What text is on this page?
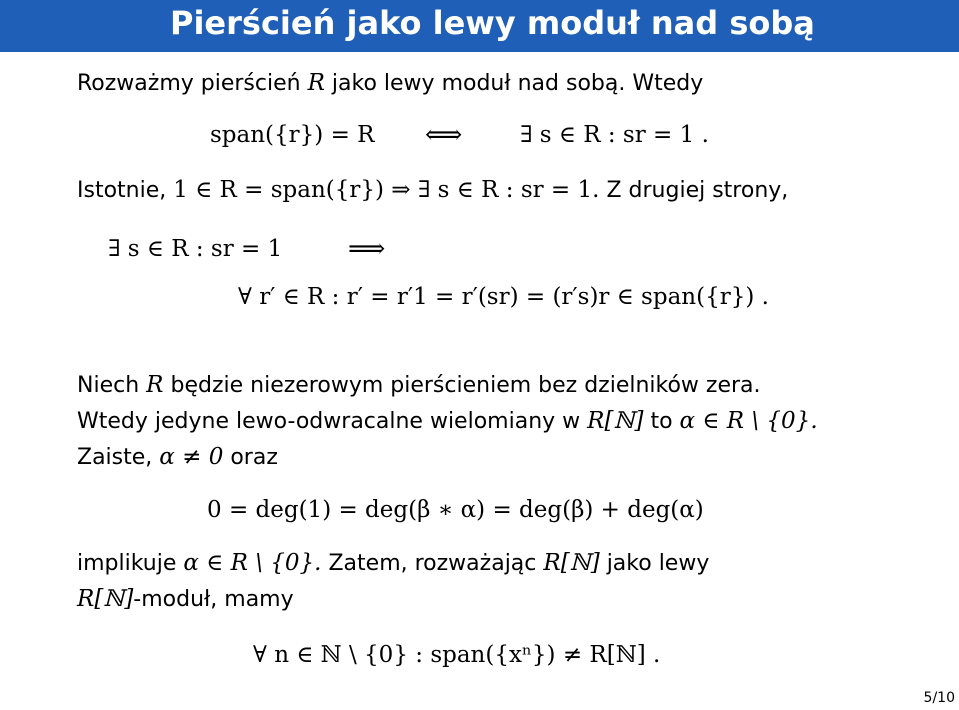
Pierścień jako lewy moduł nad sobą
Rozważmy pierścień R jako lewy moduł nad sobą. Wtedy
span({r}) = R ⟺	∃ s ∈ R : sr = 1 .
Istotnie, 1 ∈ R = span({r}) ⇒ ∃ s ∈ R : sr = 1. Z drugiej strony,
∃ s ∈ R : sr = 1	⟹
∀ r′ ∈ R : r′ = r′1 = r′(sr) = (r′s)r ∈ span({r}) .
Niech R będzie niezerowym pierścieniem bez dzielników zera.
Wtedy jedyne lewo-odwracalne wielomiany w R[ℕ] to α ∈ R \ {0}.
Zaiste, α ≠ 0 oraz
0 = deg(1) = deg(β ∗ α) = deg(β) + deg(α)
implikuje α ∈ R \ {0}. Zatem, rozważając R[ℕ] jako lewy
R[ℕ]-moduł, mamy
∀ n ∈ ℕ \ {0} : span({xⁿ}) ≠ R[ℕ] .
5/10
